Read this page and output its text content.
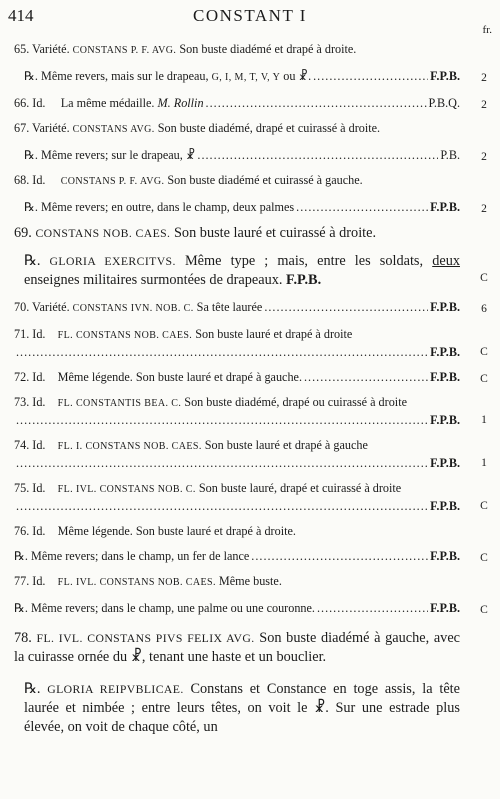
414	CONSTANT I
fr.
65. Variété. CONSTANS P. F. AVG. Son buste diadémé et drapé à droite.
℞. Même revers, mais sur le drapeau, G, I, M, T, V, Y ou ☧. .....	F.P.B.	2
66. Id. La même médaille. M. Rollin .....	P.B.Q.	2
67. Variété. CONSTANS AVG. Son buste diadémé, drapé et cuirassé à droite.
℞. Même revers; sur le drapeau, ☧ .....	P.B.	2
68. Id. CONSTANS P. F. AVG. Son buste diadémé et cuirassé à gauche.
℞. Même revers; en outre, dans le champ, deux palmes .....	F.P.B.	2
69. CONSTANS NOB. CAES. Son buste lauré et cuirassé à droite.
℞. GLORIA EXERCITVS. Même type ; mais, entre les soldats, deux enseignes militaires surmontées de drapeaux. F.P.B.	C
70. Variété. CONSTANS IVN. NOB. C. Sa tête laurée .....	F.P.B.	6
71. Id. FL. CONSTANS NOB. CAES. Son buste lauré et drapé à droite
.....
F.P.B.	C
72. Id. Même légende. Son buste lauré et drapé à gauche. .....	F.P.B.	C
73. Id. FL. CONSTANTIS BEA. C. Son buste diadémé, drapé ou cuirassé à droite
.....
F.P.B.	1
74. Id. FL. I. CONSTANS NOB. CAES. Son buste lauré et drapé à gauche
.....
F.P.B.	1
75. Id. FL. IVL. CONSTANS NOB. C. Son buste lauré, drapé et cuirassé à droite
.....
F.P.B.	C
76. Id. Même légende. Son buste lauré et drapé à droite.
℞. Même revers; dans le champ, un fer de lance .....	F.P.B.	C
77. Id. FL. IVL. CONSTANS NOB. CAES. Même buste.
℞. Même revers; dans le champ, une palme ou une couronne. .....	F.P.B.	C
78. FL. IVL. CONSTANS PIVS FELIX AVG. Son buste diadémé à gauche, avec la cuirasse ornée du ☧, tenant une haste et un bouclier.
℞. GLORIA REIPVBLICAE. Constans et Constance en toge assis, la tête laurée et nimbée ; entre leurs têtes, on voit le ☧. Sur une estrade plus élevée, on voit de chaque côté, un
